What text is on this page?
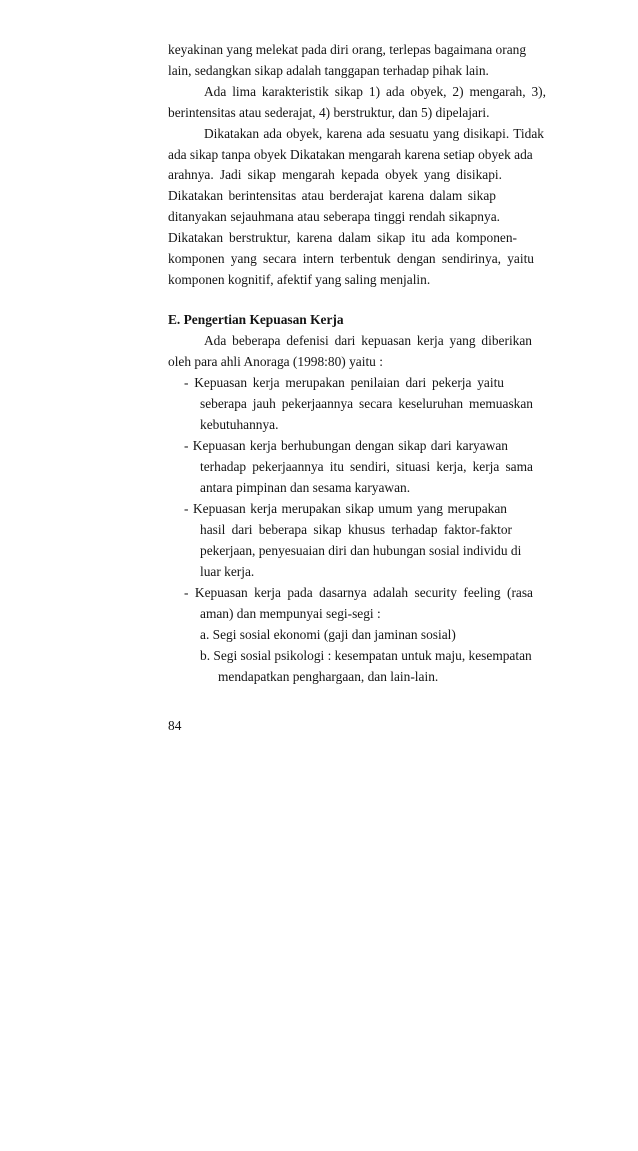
keyakinan yang melekat pada diri orang, terlepas bagaimana orang
lain, sedangkan sikap adalah tanggapan terhadap pihak lain.
Ada lima karakteristik sikap 1) ada obyek, 2) mengarah, 3),
berintensitas atau sederajat, 4) berstruktur, dan 5) dipelajari.
Dikatakan ada obyek, karena ada sesuatu yang disikapi. Tidak
ada sikap tanpa obyek Dikatakan mengarah karena setiap obyek ada
arahnya. Jadi sikap mengarah kepada obyek yang disikapi.
Dikatakan berintensitas atau berderajat karena dalam sikap
ditanyakan sejauhmana atau seberapa tinggi rendah sikapnya.
Dikatakan berstruktur, karena dalam sikap itu ada komponen-
komponen yang secara intern terbentuk dengan sendirinya, yaitu
komponen kognitif, afektif yang saling menjalin.
E. Pengertian Kepuasan Kerja
Ada beberapa defenisi dari kepuasan kerja yang diberikan
oleh para ahli Anoraga (1998:80) yaitu :
- Kepuasan kerja merupakan penilaian dari pekerja yaitu
seberapa jauh pekerjaannya secara keseluruhan memuaskan
kebutuhannya.
- Kepuasan kerja berhubungan dengan sikap dari karyawan
terhadap pekerjaannya itu sendiri, situasi kerja, kerja sama
antara pimpinan dan sesama karyawan.
- Kepuasan kerja merupakan sikap umum yang merupakan
hasil dari beberapa sikap khusus terhadap faktor-faktor
pekerjaan, penyesuaian diri dan hubungan sosial individu di
luar kerja.
- Kepuasan kerja pada dasarnya adalah security feeling (rasa
aman) dan mempunyai segi-segi :
a. Segi sosial ekonomi (gaji dan jaminan sosial)
b. Segi sosial psikologi : kesempatan untuk maju, kesempatan
mendapatkan penghargaan, dan lain-lain.
84
